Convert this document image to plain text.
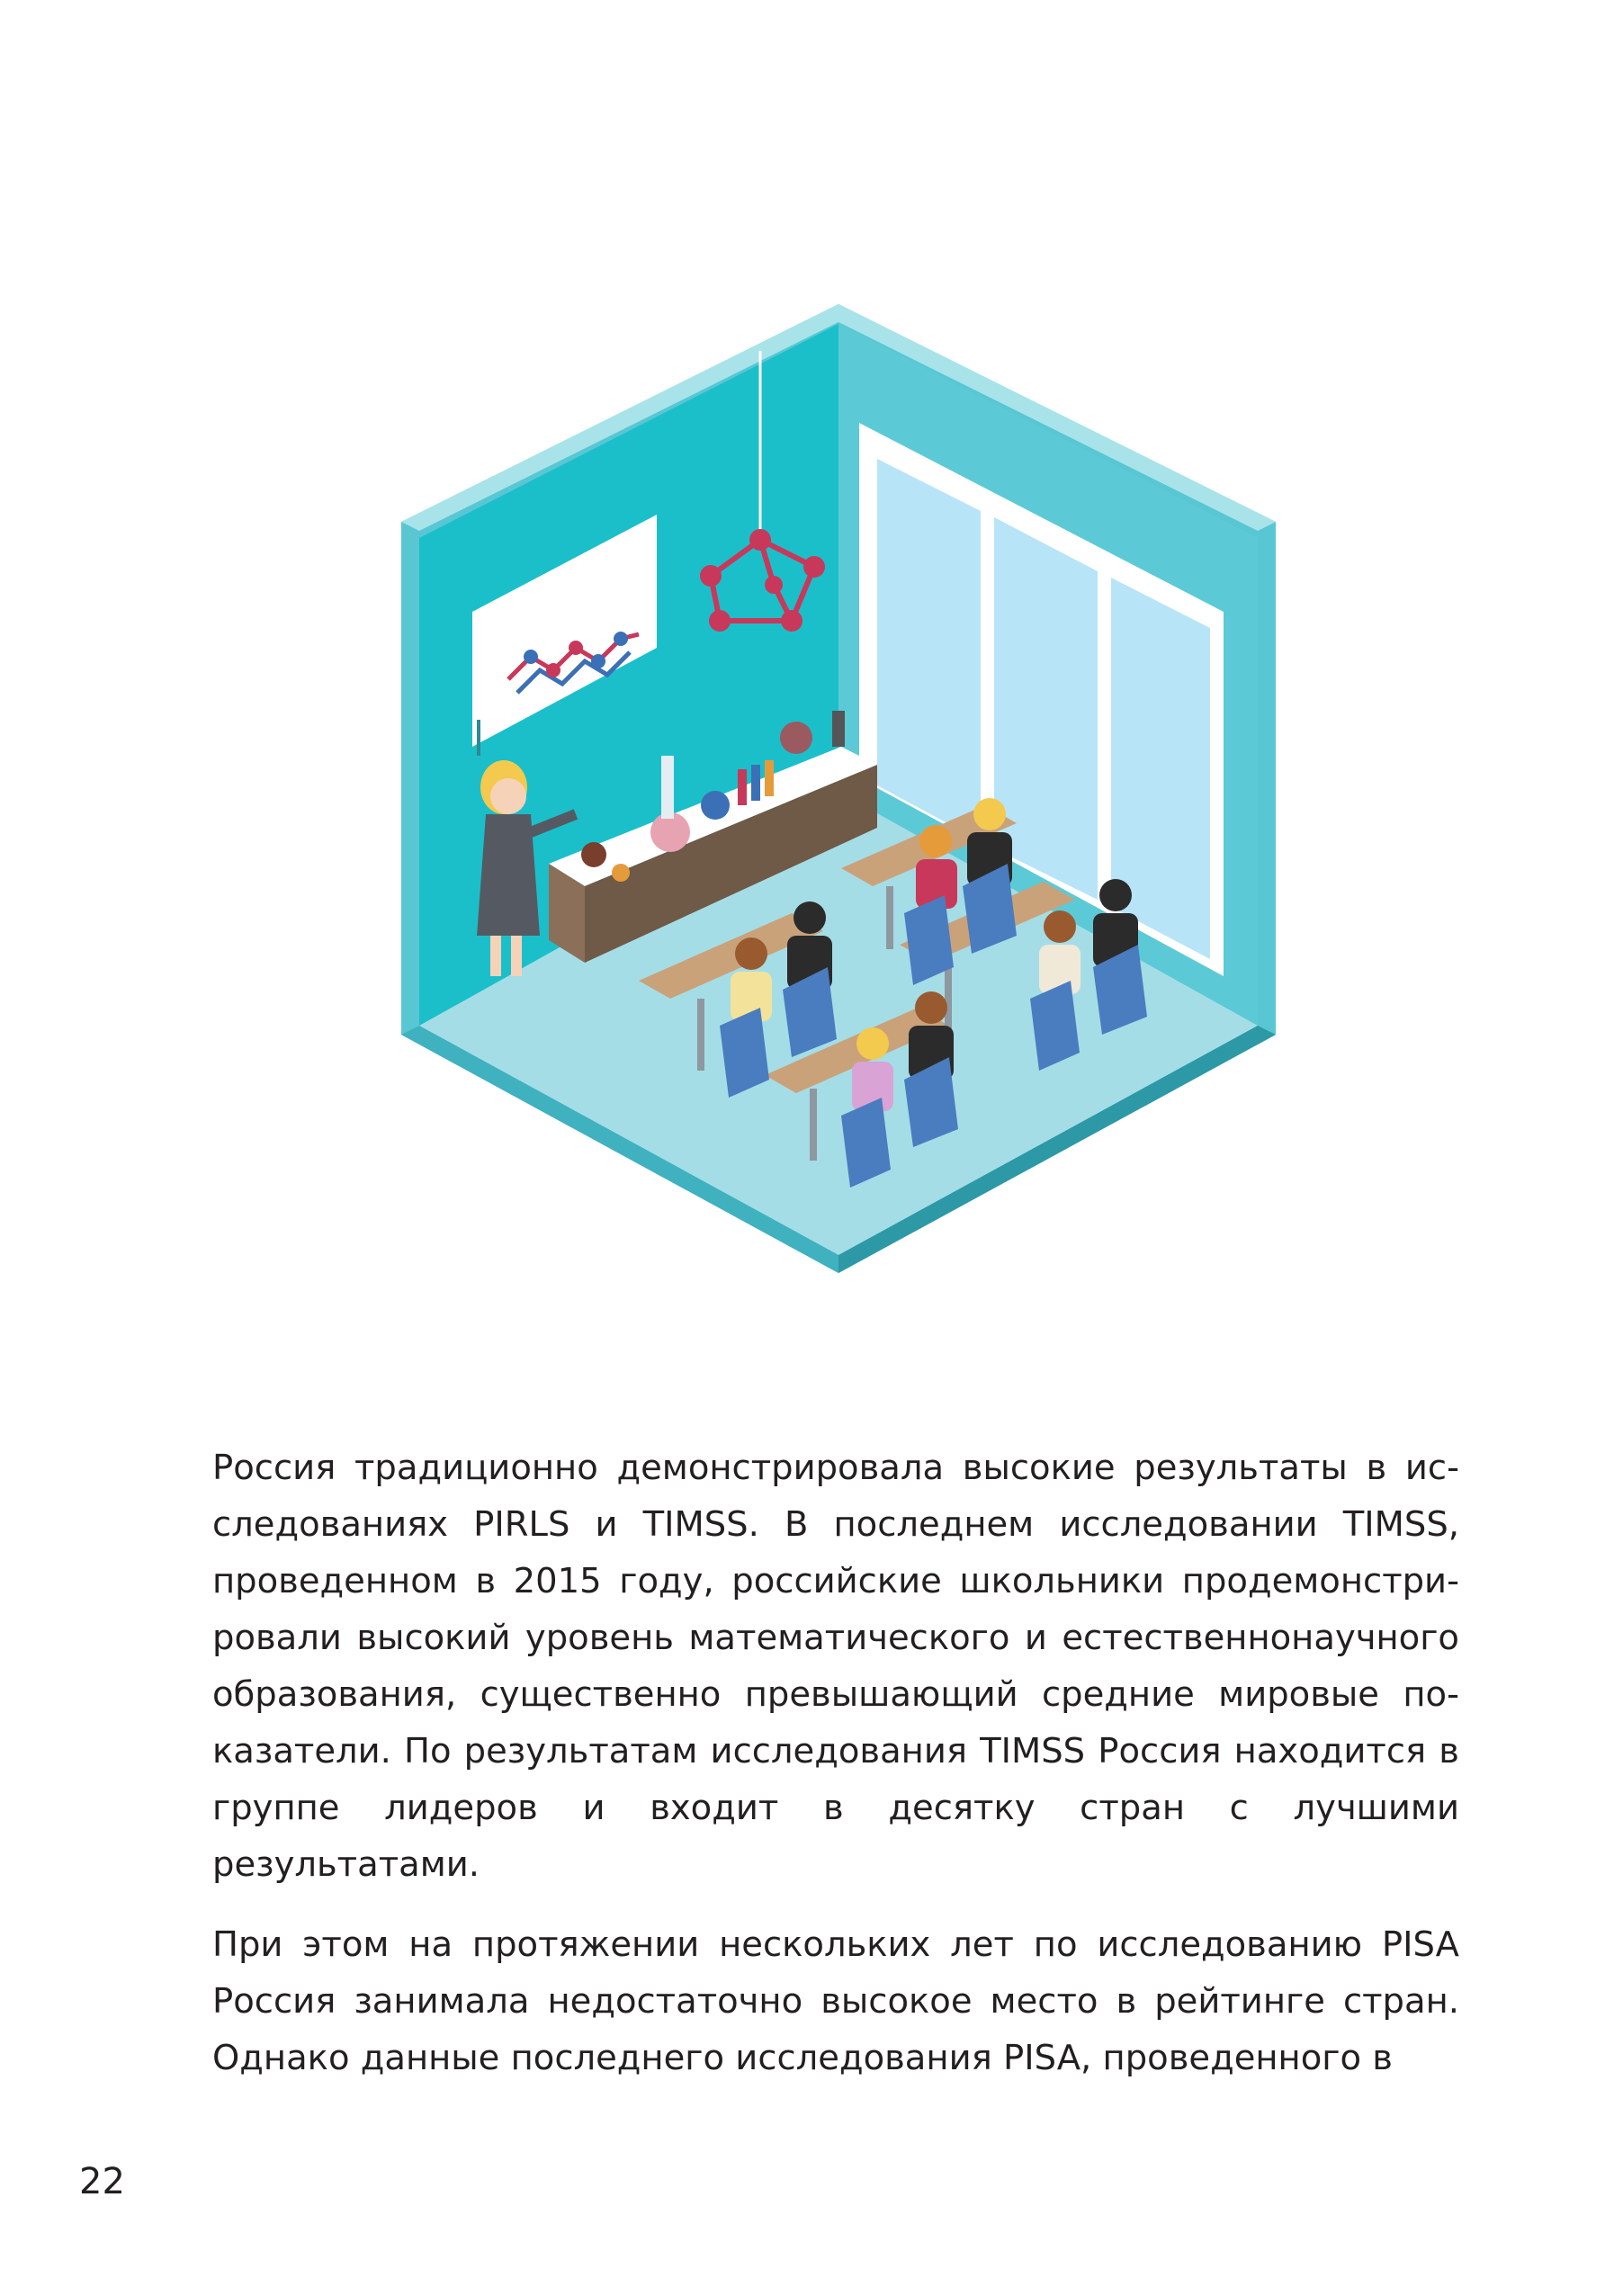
Россия традиционно демонстрировала высокие результаты в исследованиях PIRLS и TIMSS. В последнем исследовании TIMSS, проведенном в 2015 году, российские школьники продемонстрировали высокий уровень математического и естественнонаучного образования, существенно превышающий средние мировые показатели. По результатам исследования TIMSS Россия находится в группе лидеров и входит в десятку стран с лучшими результатами.

При этом на протяжении нескольких лет по исследованию PISA Россия занимала недостаточно высокое место в рейтинге стран. Однако данные последнего исследования PISA, проведенного в

22
